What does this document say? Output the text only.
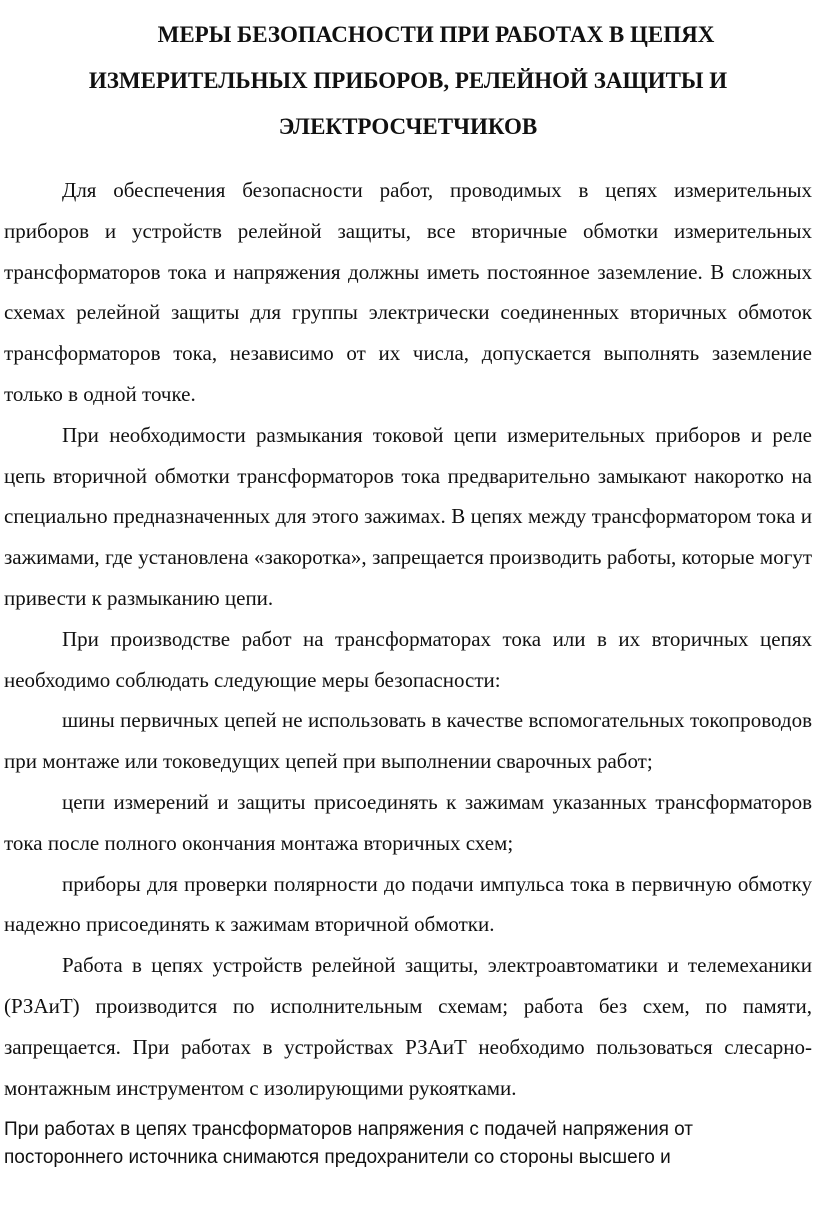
МЕРЫ БЕЗОПАСНОСТИ ПРИ РАБОТАХ В ЦЕПЯХ ИЗМЕРИТЕЛЬНЫХ ПРИБОРОВ, РЕЛЕЙНОЙ ЗАЩИТЫ И ЭЛЕКТРОСЧЕТЧИКОВ

Для обеспечения безопасности работ, проводимых в цепях измерительных приборов и устройств релейной защиты, все вторичные обмотки измерительных трансформаторов тока и напряжения должны иметь постоянное заземление. В сложных схемах релейной защиты для группы электрически соединенных вторичных обмоток трансформаторов тока, независимо от их числа, допускается выполнять заземление только в одной точке.

При необходимости размыкания токовой цепи измерительных приборов и реле цепь вторичной обмотки трансформаторов тока предварительно замыкают накоротко на специально предназначенных для этого зажимах. В цепях между трансформатором тока и зажимами, где установлена «закоротка», запрещается производить работы, которые могут привести к размыканию цепи.

При производстве работ на трансформаторах тока или в их вторичных цепях необходимо соблюдать следующие меры безопасности:

шины первичных цепей не использовать в качестве вспомогательных токопроводов при монтаже или токоведущих цепей при выполнении сварочных работ;

цепи измерений и защиты присоединять к зажимам указанных трансформаторов тока после полного окончания монтажа вторичных схем;

приборы для проверки полярности до подачи импульса тока в первичную обмотку надежно присоединять к зажимам вторичной обмотки.

Работа в цепях устройств релейной защиты, электроавтоматики и телемеханики (РЗАиТ) производится по исполнительным схемам; работа без схем, по памяти, запрещается. При работах в устройствах РЗАиТ необходимо пользоваться слесарно-монтажным инструментом с изолирующими рукоятками.

При работах в цепях трансформаторов напряжения с подачей напряжения от постороннего источника снимаются предохранители со стороны высшего и
